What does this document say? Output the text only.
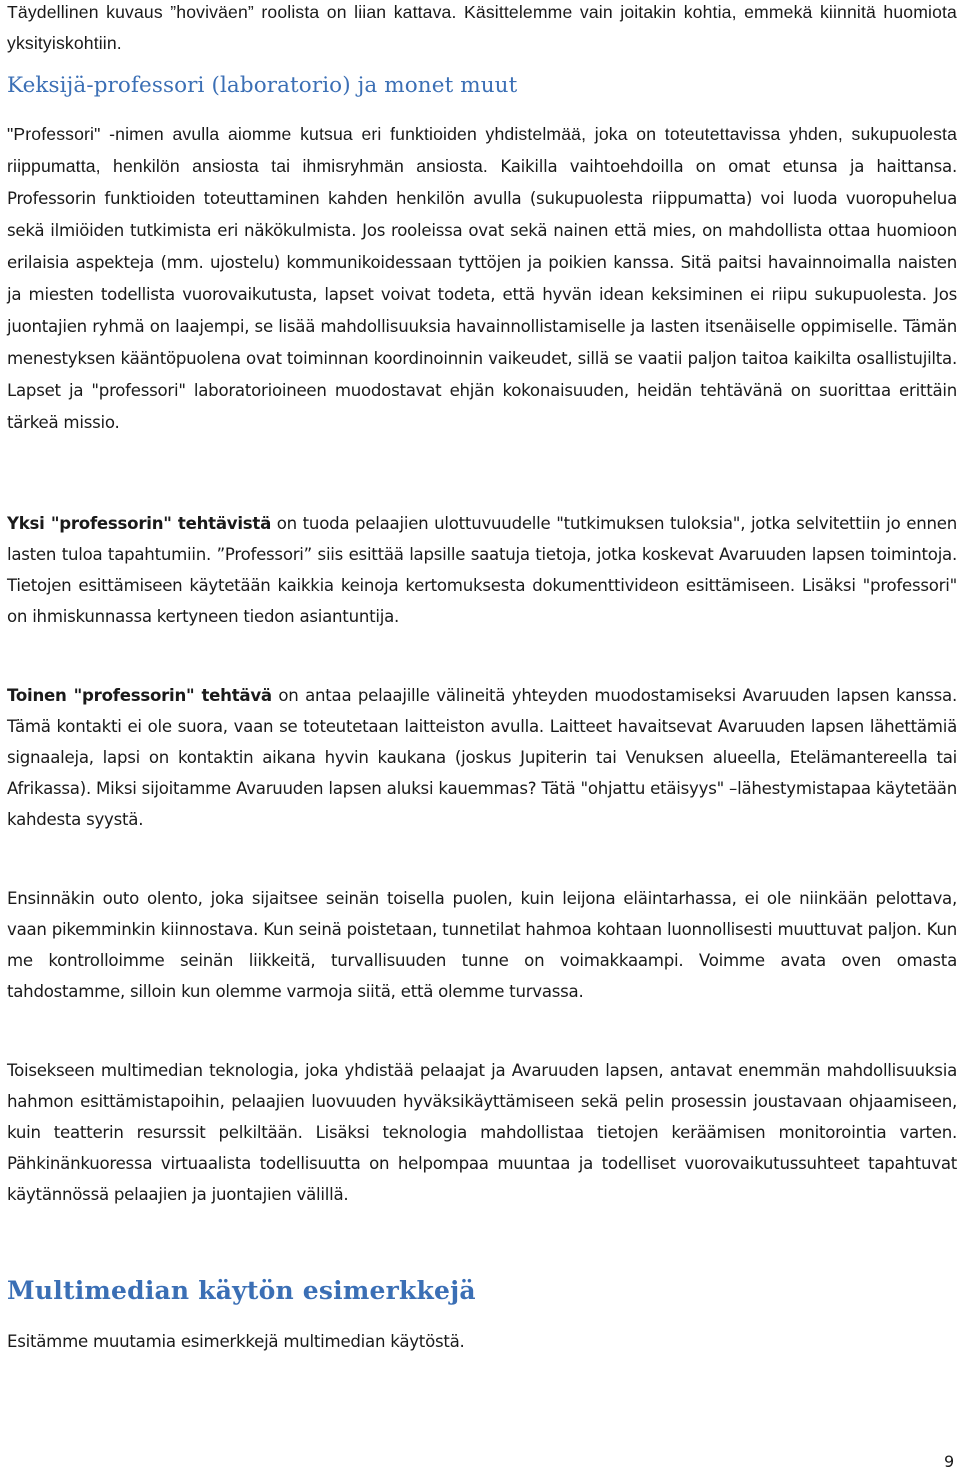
Täydellinen kuvaus ”hoviväen” roolista on liian kattava. Käsittelemme vain joitakin kohtia, emmekä kiinnitä huomiota yksityiskohtiin.

Keksijä-professori (laboratorio) ja monet muut

"Professori" -nimen avulla aiomme kutsua eri funktioiden yhdistelmää, joka on toteutettavissa yhden, sukupuolesta riippumatta, henkilön ansiosta tai ihmisryhmän ansiosta. Kaikilla vaihtoehdoilla on omat etunsa ja haittansa. Professorin funktioiden toteuttaminen kahden henkilön avulla (sukupuolesta riippumatta) voi luoda vuoropuhelua sekä ilmiöiden tutkimista eri näkökulmista. Jos rooleissa ovat sekä nainen että mies, on mahdollista ottaa huomioon erilaisia aspekteja (mm. ujostelu) kommunikoidessaan tyttöjen ja poikien kanssa. Sitä paitsi havainnoimalla naisten ja miesten todellista vuorovaikutusta, lapset voivat todeta, että hyvän idean keksiminen ei riipu sukupuolesta. Jos juontajien ryhmä on laajempi, se lisää mahdollisuuksia havainnollistamiselle ja lasten itsenäiselle oppimiselle. Tämän menestyksen kääntöpuolena ovat toiminnan koordinoinnin vaikeudet, sillä se vaatii paljon taitoa kaikilta osallistujilta. Lapset ja "professori" laboratorioineen muodostavat ehjän kokonaisuuden, heidän tehtävänä on suorittaa erittäin tärkeä missio.

Yksi "professorin" tehtävistä on tuoda pelaajien ulottuvuudelle "tutkimuksen tuloksia", jotka selvitettiin jo ennen lasten tuloa tapahtumiin. ”Professori” siis esittää lapsille saatuja tietoja, jotka koskevat Avaruuden lapsen toimintoja. Tietojen esittämiseen käytetään kaikkia keinoja kertomuksesta dokumenttivideon esittämiseen. Lisäksi "professori" on ihmiskunnassa kertyneen tiedon asiantuntija.

Toinen "professorin" tehtävä on antaa pelaajille välineitä yhteyden muodostamiseksi Avaruuden lapsen kanssa. Tämä kontakti ei ole suora, vaan se toteutetaan laitteiston avulla. Laitteet havaitsevat Avaruuden lapsen lähettämiä signaaleja, lapsi on kontaktin aikana hyvin kaukana (joskus Jupiterin tai Venuksen alueella, Etelämantereella tai Afrikassa). Miksi sijoitamme Avaruuden lapsen aluksi kauemmas? Tätä "ohjattu etäisyys" –lähestymistapaa käytetään kahdesta syystä.

Ensinnäkin outo olento, joka sijaitsee seinän toisella puolen, kuin leijona eläintarhassa, ei ole niinkään pelottava, vaan pikemminkin kiinnostava. Kun seinä poistetaan, tunnetilat hahmoa kohtaan luonnollisesti muuttuvat paljon. Kun me kontrolloimme seinän liikkeitä, turvallisuuden tunne on voimakkaampi. Voimme avata oven omasta tahdostamme, silloin kun olemme varmoja siitä, että olemme turvassa.

Toisekseen multimedian teknologia, joka yhdistää pelaajat ja Avaruuden lapsen, antavat enemmän mahdollisuuksia hahmon esittämistapoihin, pelaajien luovuuden hyväksikäyttämiseen sekä pelin prosessin joustavaan ohjaamiseen, kuin teatterin resurssit pelkiltään. Lisäksi teknologia mahdollistaa tietojen keräämisen monitorointia varten. Pähkinänkuoressa virtuaalista todellisuutta on helpompaa muuntaa ja todelliset vuorovaikutussuhteet tapahtuvat käytännössä pelaajien ja juontajien välillä.

Multimedian käytön esimerkkejä

Esitämme muutamia esimerkkejä multimedian käytöstä.

9
